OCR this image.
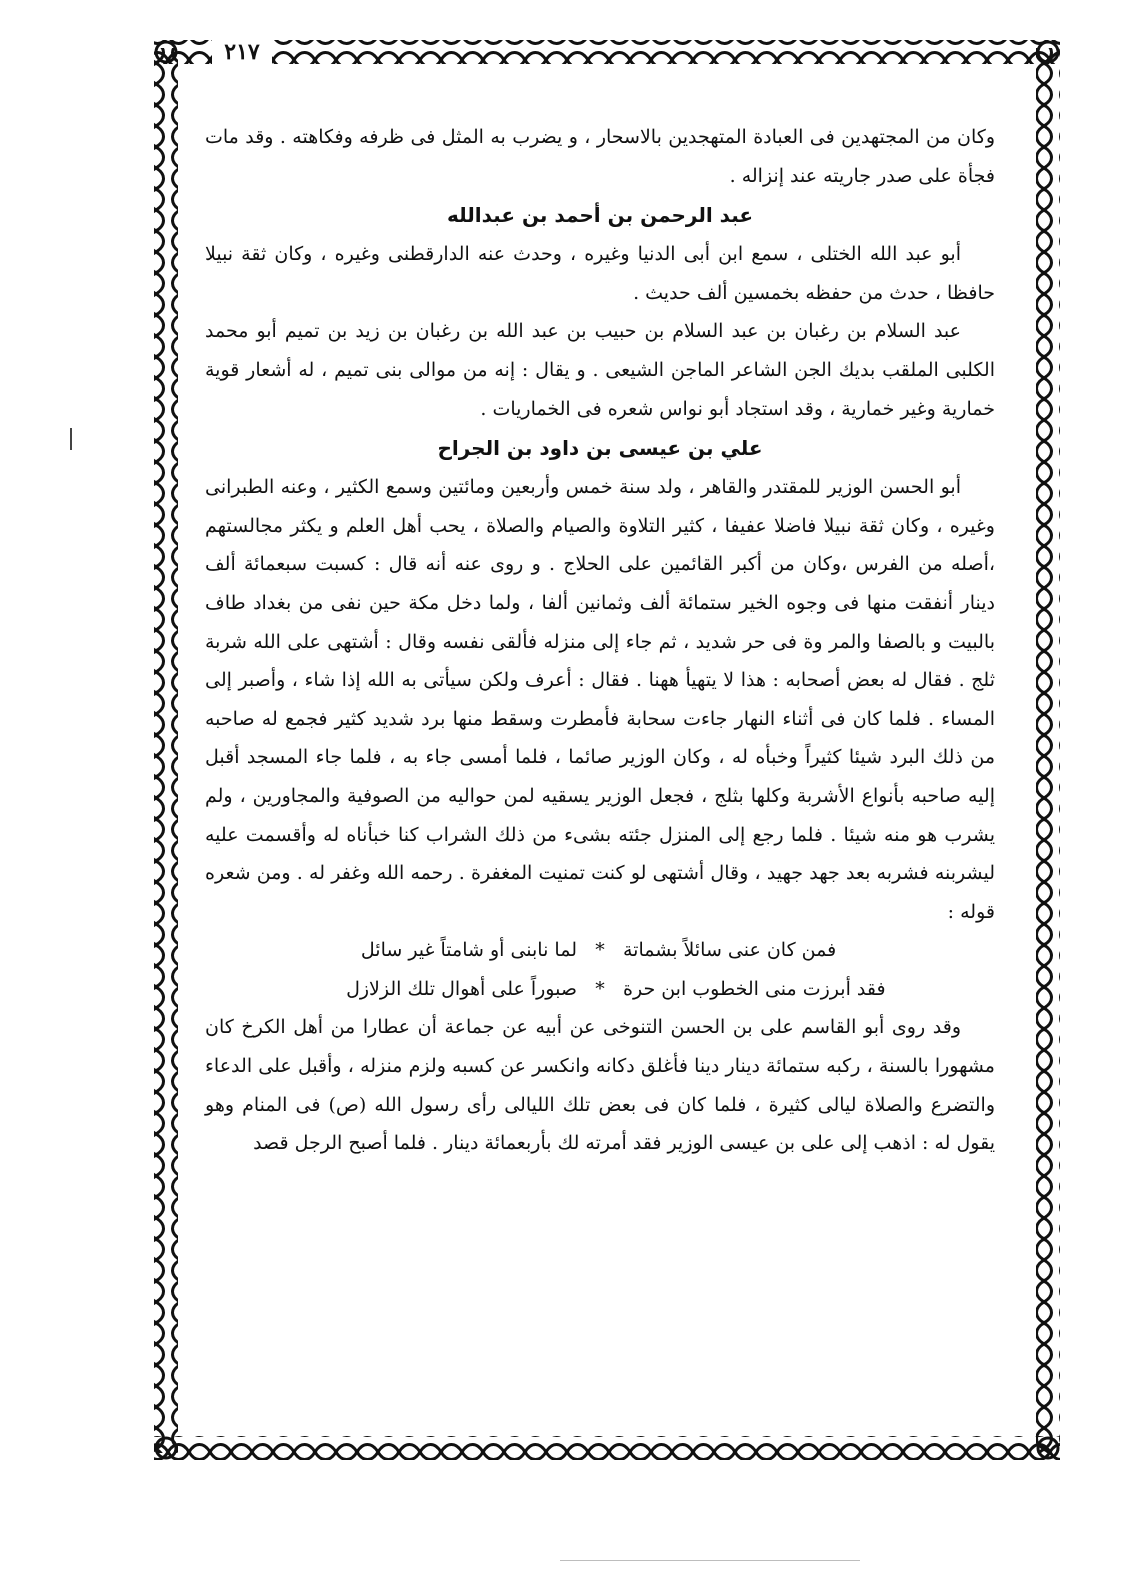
٢١٧

وكان من المجتهدين فى العبادة المتهجدين بالاسحار ، و يضرب به المثل فى ظرفه وفكاهته . وقد مات فجأة على صدر جاريته عند إنزاله .

عبد الرحمن بن أحمد بن عبدالله

أبو عبد الله الختلى ، سمع ابن أبى الدنيا وغيره ، وحدث عنه الدارقطنى وغيره ، وكان ثقة نبيلا حافظا ، حدث من حفظه بخمسين ألف حديث .

عبد السلام بن رغبان بن عبد السلام بن حبيب بن عبد الله بن رغبان بن زيد بن تميم أبو محمد الكلبى الملقب بديك الجن الشاعر الماجن الشيعى . و يقال : إنه من موالى بنى تميم ، له أشعار قوية خمارية وغير خمارية ، وقد استجاد أبو نواس شعره فى الخماريات .

علي بن عيسى بن داود بن الجراح

أبو الحسن الوزير للمقتدر والقاهر ، ولد سنة خمس وأربعين ومائتين وسمع الكثير ، وعنه الطبرانى وغيره ، وكان ثقة نبيلا فاضلا عفيفا ، كثير التلاوة والصيام والصلاة ، يحب أهل العلم و يكثر مجالستهم ،أصله من الفرس ،وكان من أكبر القائمين على الحلاج . و روى عنه أنه قال : كسبت سبعمائة ألف دينار أنفقت منها فى وجوه الخير ستمائة ألف وثمانين ألفا ، ولما دخل مكة حين نفى من بغداد طاف بالبيت و بالصفا والمر وة فى حر شديد ، ثم جاء إلى منزله فألقى نفسه وقال : أشتهى على الله شربة ثلج . فقال له بعض أصحابه : هذا لا يتهيأ ههنا . فقال : أعرف ولكن سيأتى به الله إذا شاء ، وأصبر إلى المساء . فلما كان فى أثناء النهار جاءت سحابة فأمطرت وسقط منها برد شديد كثير فجمع له صاحبه من ذلك البرد شيئا كثيراً وخبأه له ، وكان الوزير صائما ، فلما أمسى جاء به ، فلما جاء المسجد أقبل إليه صاحبه بأنواع الأشربة وكلها بثلج ، فجعل الوزير يسقيه لمن حواليه من الصوفية والمجاورين ، ولم يشرب هو منه شيئا . فلما رجع إلى المنزل جئته بشىء من ذلك الشراب كنا خبأناه له وأقسمت عليه ليشربنه فشربه بعد جهد جهيد ، وقال أشتهى لو كنت تمنيت المغفرة . رحمه الله وغفر له . ومن شعره قوله :

فمن كان عنى سائلاً بشماتة
*
لما نابنى أو شامتاً غير سائل
فقد أبرزت منى الخطوب ابن حرة
*
صبوراً على أهوال تلك الزلازل

وقد روى أبو القاسم على بن الحسن التنوخى عن أبيه عن جماعة أن عطارا من أهل الكرخ كان مشهورا بالسنة ، ركبه ستمائة دينار دينا فأغلق دكانه وانكسر عن كسبه ولزم منزله ، وأقبل على الدعاء والتضرع والصلاة ليالى كثيرة ، فلما كان فى بعض تلك الليالى رأى رسول الله (ص) فى المنام وهو يقول له : اذهب إلى على بن عيسى الوزير فقد أمرته لك بأربعمائة دينار . فلما أصبح الرجل قصد
